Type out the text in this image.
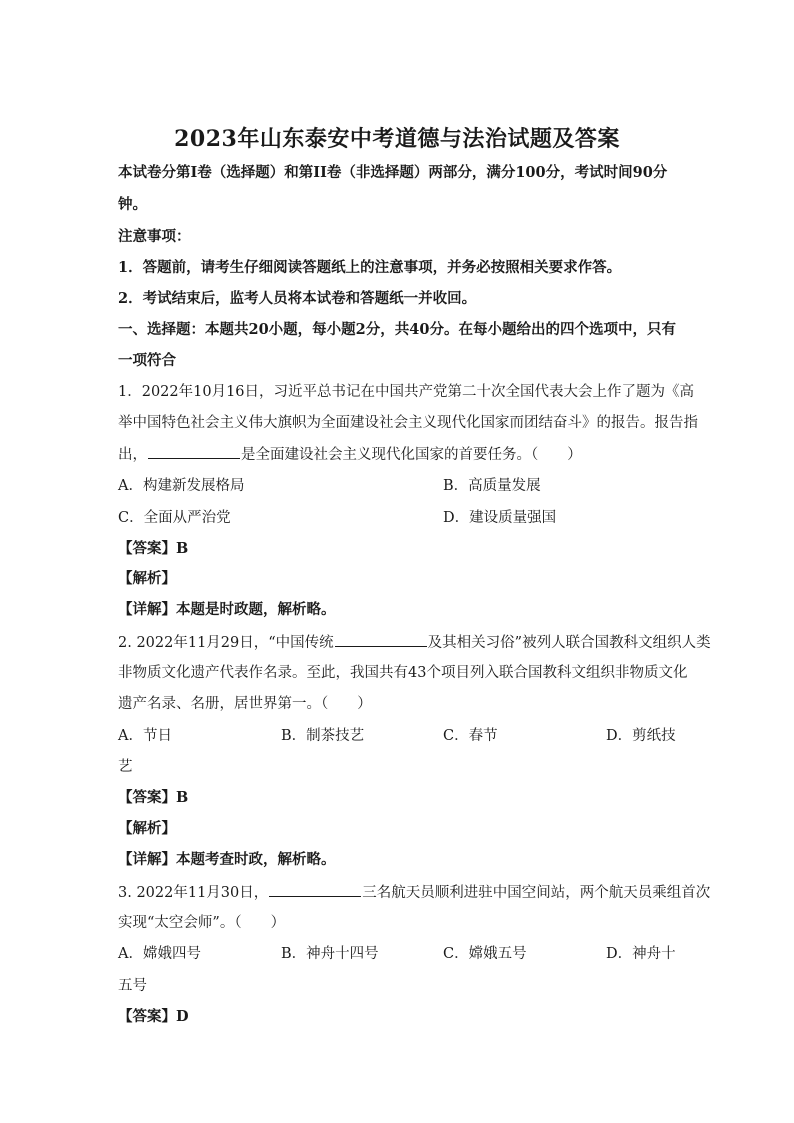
2023年山东泰安中考道德与法治试题及答案
本试卷分第I卷（选择题）和第II卷（非选择题）两部分，满分100分，考试时间90分
钟。
注意事项：
1．答题前，请考生仔细阅读答题纸上的注意事项，并务必按照相关要求作答。
2．考试结束后，监考人员将本试卷和答题纸一并收回。
一、选择题：本题共20小题，每小题2分，共40分。在每小题给出的四个选项中，只有
一项符合
1．2022年10月16日，习近平总书记在中国共产党第二十次全国代表大会上作了题为《高
举中国特色社会主义伟大旗帜为全面建设社会主义现代化国家而团结奋斗》的报告。报告指
出，	是全面建设社会主义现代化国家的首要任务。（　　）
A．构建新发展格局	B．高质量发展
C．全面从严治党	D．建设质量强国
【答案】B
【解析】
【详解】本题是时政题，解析略。
2. 2022年11月29日，“中国传统	及其相关习俗”被列人联合国教科文组织人类
非物质文化遗产代表作名录。至此，我国共有43个项目列入联合国教科文组织非物质文化
遗产名录、名册，居世界第一。（　　）
A．节日	B．制茶技艺	C．春节	D．剪纸技
艺
【答案】B
【解析】
【详解】本题考查时政，解析略。
3. 2022年11月30日，	三名航天员顺利进驻中国空间站，两个航天员乘组首次
实现“太空会师”。（　　）
A．嫦娥四号	B．神舟十四号	C．嫦娥五号	D．神舟十
五号
【答案】D
